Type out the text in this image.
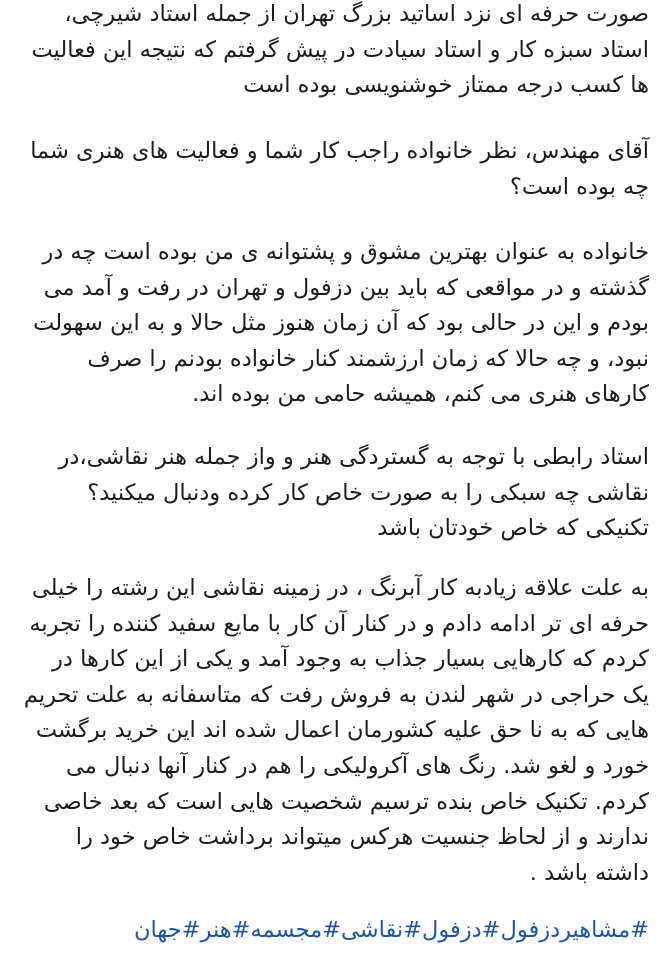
صورت حرفه ای نزد اساتید بزرگ تهران از جمله استاد شیرچی،
استاد سبزه کار و استاد سیادت در پیش گرفتم که نتیجه این فعالیت
ها کسب درجه ممتاز خوشنویسی بوده است
آقای مهندس، نظر خانواده راجب کار شما و فعالیت های هنری شما
چه بوده است؟
خانواده به عنوان بهترین مشوق و پشتوانه ی من بوده است چه در
گذشته و در مواقعی که باید بین دزفول و تهران در رفت و آمد می
بودم و این در حالی بود که آن زمان هنوز مثل حالا و به این سهولت
نبود، و چه حالا که زمان ارزشمند کنار خانواده بودنم را صرف
کارهای هنری می کنم، همیشه حامی من بوده اند.
استاد رابطی با توجه به گستردگی هنر و واز جمله هنر نقاشی،در
نقاشی چه سبکی را به صورت خاص کار کرده ودنبال میکنید؟
تکنیکی که خاص خودتان باشد
به علت علاقه زیادبه کار آبرنگ ، در زمینه نقاشی این رشته را خیلی
حرفه ای تر ادامه دادم و در کنار آن کار با مایع سفید کننده را تجربه
کردم که کارهایی بسیار جذاب به وجود آمد و یکی از این کارها در
یک حراجی در شهر لندن به فروش رفت که متاسفانه به علت تحریم
هایی که به نا حق علیه کشورمان اعمال شده اند این خرید برگشت
خورد و لغو شد. رنگ های آکرولیکی را هم در کنار آنها دنبال می
کردم. تکنیک خاص بنده ترسیم شخصیت هایی است که بعد خاصی
ندارند و از لحاظ جنسیت هرکس میتواند برداشت خاص خود را
داشته باشد .
#مشاهیردزفول#دزفول#نقاشی#مجسمه#هنر#جهان
